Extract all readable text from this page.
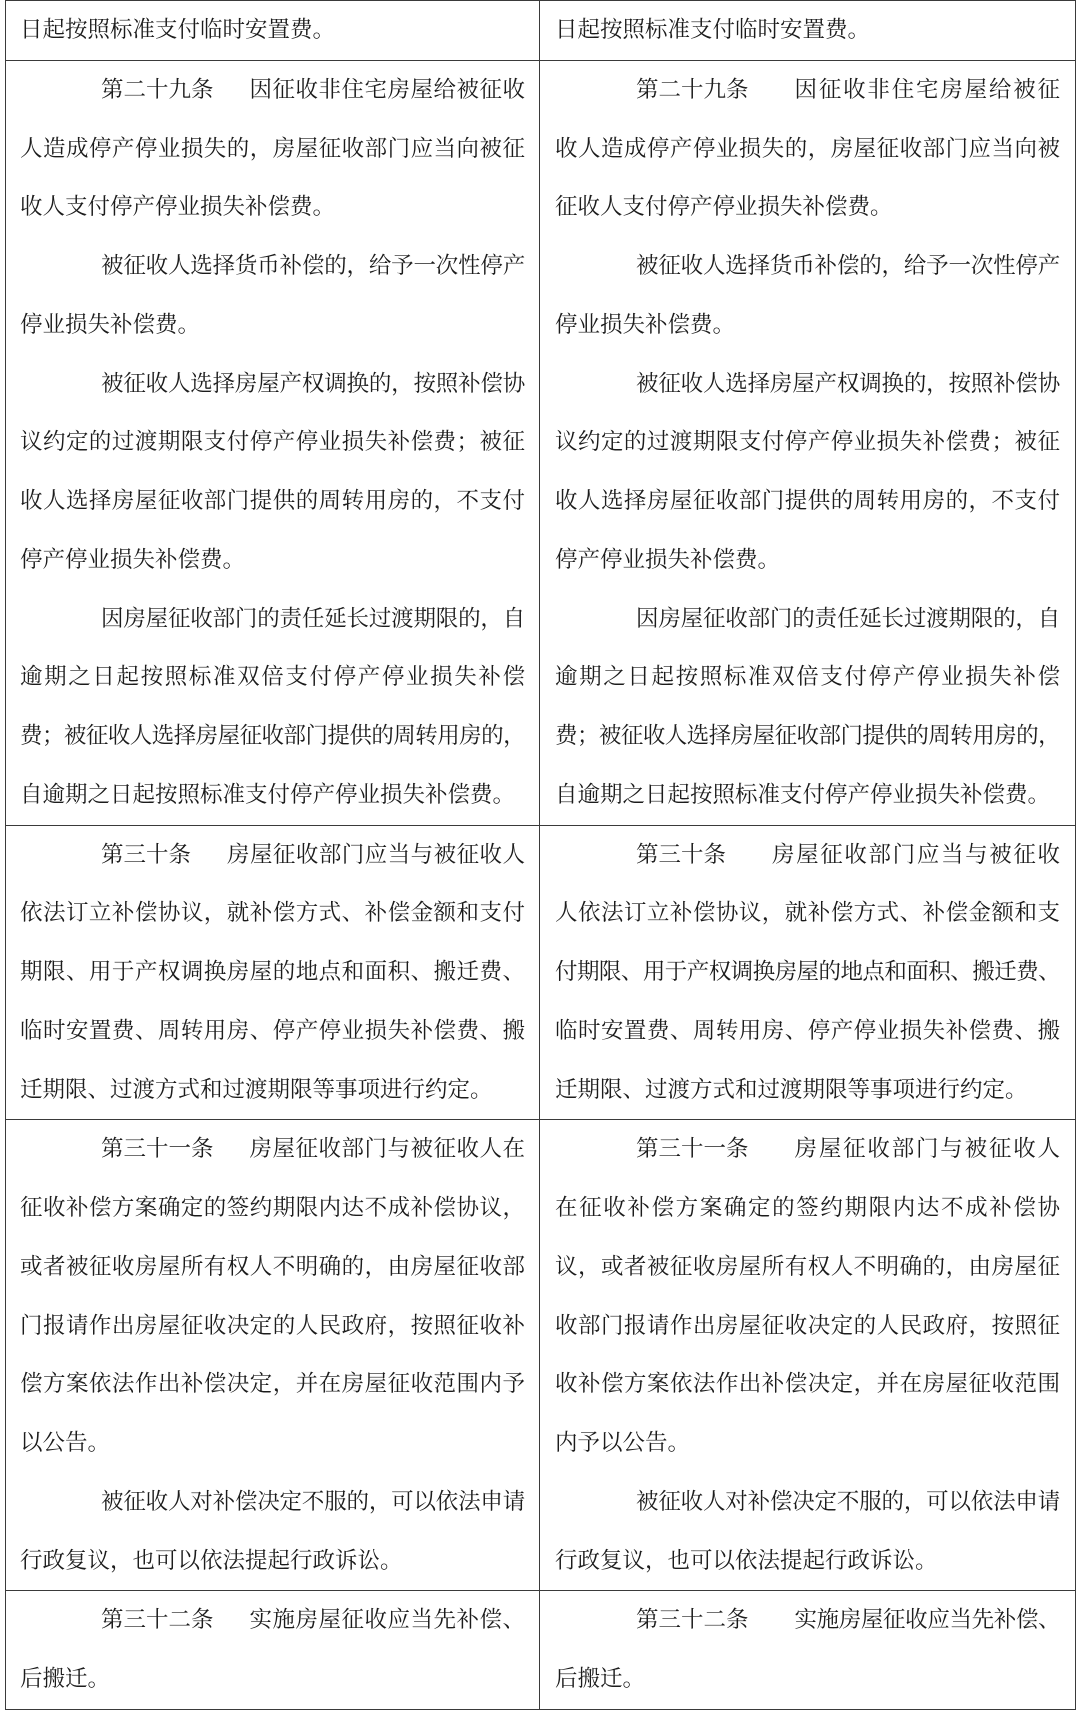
日起按照标准支付临时安置费。	日起按照标准支付临时安置费。
第二十九条 因征收非住宅房屋给被征收
人造成停产停业损失的，房屋征收部门应当向被征
收人支付停产停业损失补偿费。
被征收人选择货币补偿的，给予一次性停产
停业损失补偿费。
被征收人选择房屋产权调换的，按照补偿协
议约定的过渡期限支付停产停业损失补偿费；被征
收人选择房屋征收部门提供的周转用房的，不支付
停产停业损失补偿费。
因房屋征收部门的责任延长过渡期限的，自
逾期之日起按照标准双倍支付停产停业损失补偿
费；被征收人选择房屋征收部门提供的周转用房的，
自逾期之日起按照标准支付停产停业损失补偿费。
第二十九条 因征收非住宅房屋给被征
收人造成停产停业损失的，房屋征收部门应当向被
征收人支付停产停业损失补偿费。
被征收人选择货币补偿的，给予一次性停产
停业损失补偿费。
被征收人选择房屋产权调换的，按照补偿协
议约定的过渡期限支付停产停业损失补偿费；被征
收人选择房屋征收部门提供的周转用房的，不支付
停产停业损失补偿费。
因房屋征收部门的责任延长过渡期限的，自
逾期之日起按照标准双倍支付停产停业损失补偿
费；被征收人选择房屋征收部门提供的周转用房的，
自逾期之日起按照标准支付停产停业损失补偿费。
第三十条 房屋征收部门应当与被征收人
依法订立补偿协议，就补偿方式、补偿金额和支付
期限、用于产权调换房屋的地点和面积、搬迁费、
临时安置费、周转用房、停产停业损失补偿费、搬
迁期限、过渡方式和过渡期限等事项进行约定。
第三十条 房屋征收部门应当与被征收
人依法订立补偿协议，就补偿方式、补偿金额和支
付期限、用于产权调换房屋的地点和面积、搬迁费、
临时安置费、周转用房、停产停业损失补偿费、搬
迁期限、过渡方式和过渡期限等事项进行约定。
第三十一条 房屋征收部门与被征收人在
征收补偿方案确定的签约期限内达不成补偿协议，
或者被征收房屋所有权人不明确的，由房屋征收部
门报请作出房屋征收决定的人民政府，按照征收补
偿方案依法作出补偿决定，并在房屋征收范围内予
以公告。
被征收人对补偿决定不服的，可以依法申请
行政复议，也可以依法提起行政诉讼。
第三十一条 房屋征收部门与被征收人
在征收补偿方案确定的签约期限内达不成补偿协
议，或者被征收房屋所有权人不明确的，由房屋征
收部门报请作出房屋征收决定的人民政府，按照征
收补偿方案依法作出补偿决定，并在房屋征收范围
内予以公告。
被征收人对补偿决定不服的，可以依法申请
行政复议，也可以依法提起行政诉讼。
第三十二条 实施房屋征收应当先补偿、
后搬迁。
第三十二条 实施房屋征收应当先补偿、
后搬迁。
